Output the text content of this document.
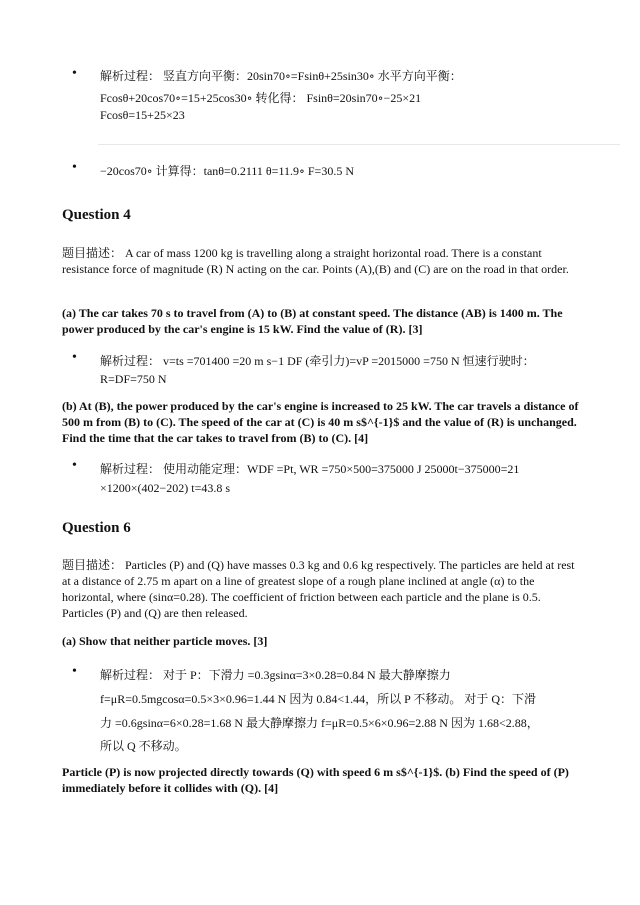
• 解析过程： 竖直方向平衡：20sin70∘=Fsinθ+25sin30∘ 水平方向平衡：
Fcosθ+20cos70∘=15+25cos30∘ 转化得： Fsinθ=20sin70∘−25×21
Fcosθ=15+25×23
• −20cos70∘ 计算得：tanθ=0.2111 θ=11.9∘ F=30.5 N
Question 4
题目描述： A car of mass 1200 kg is travelling along a straight horizontal road. There is a constant resistance force of magnitude (R) N acting on the car. Points (A),(B) and (C) are on the road in that order.
(a) The car takes 70 s to travel from (A) to (B) at constant speed. The distance (AB) is 1400 m. The power produced by the car's engine is 15 kW. Find the value of (R). [3]
• 解析过程： v=ts =701400 =20 m s−1 DF (牵引力)=vP =2015000 =750 N 恒速行驶时：
R=DF=750 N
(b) At (B), the power produced by the car's engine is increased to 25 kW. The car travels a distance of 500 m from (B) to (C). The speed of the car at (C) is 40 m s$^{-1}$ and the value of (R) is unchanged. Find the time that the car takes to travel from (B) to (C). [4]
• 解析过程： 使用动能定理：WDF =Pt, WR =750×500=375000 J 25000t−375000=21
×1200×(402−202) t=43.8 s
Question 6
题目描述： Particles (P) and (Q) have masses 0.3 kg and 0.6 kg respectively. The particles are held at rest at a distance of 2.75 m apart on a line of greatest slope of a rough plane inclined at angle (α) to the horizontal, where (sinα=0.28). The coefficient of friction between each particle and the plane is 0.5. Particles (P) and (Q) are then released.
(a) Show that neither particle moves. [3]
• 解析过程： 对于 P：下滑力 =0.3gsinα=3×0.28=0.84 N 最大静摩擦力
f=μR=0.5mgcosα=0.5×3×0.96=1.44 N 因为 0.84<1.44，所以 P 不移动。 对于 Q：下滑
力 =0.6gsinα=6×0.28=1.68 N 最大静摩擦力 f=μR=0.5×6×0.96=2.88 N 因为 1.68<2.88，
所以 Q 不移动。
Particle (P) is now projected directly towards (Q) with speed 6 m s$^{-1}$. (b) Find the speed of (P) immediately before it collides with (Q). [4]
